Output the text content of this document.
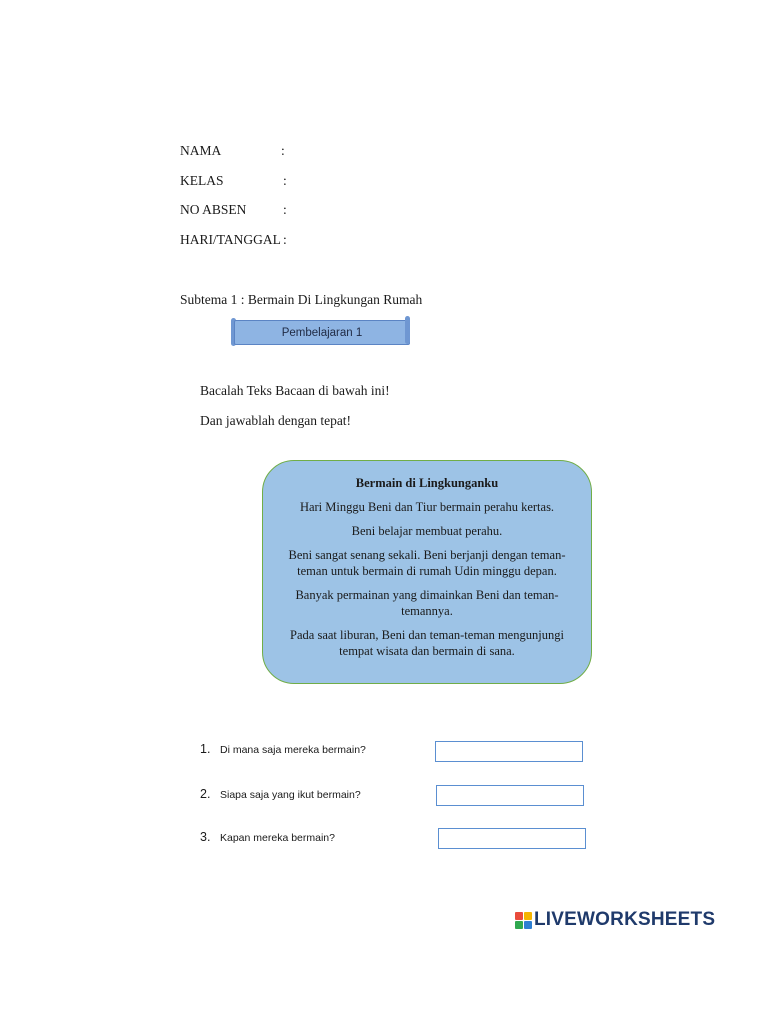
NAMA	:
KELAS	:
NO ABSEN	:
HARI/TANGGAL :
Subtema 1 : Bermain Di Lingkungan Rumah
Pembelajaran 1
Bacalah Teks Bacaan di bawah ini!
Dan jawablah dengan tepat!
Bermain di Lingkunganku

Hari Minggu Beni dan Tiur bermain perahu kertas.

Beni belajar membuat perahu.

Beni sangat senang sekali. Beni berjanji dengan teman-teman untuk bermain di rumah Udin minggu depan.

Banyak permainan yang dimainkan Beni dan teman-temannya.

Pada saat liburan, Beni dan teman-teman mengunjungi tempat wisata dan bermain di sana.

1. Di mana saja mereka bermain?
2. Siapa saja yang ikut bermain?
3. Kapan mereka bermain?
LIVEWORKSHEETS
